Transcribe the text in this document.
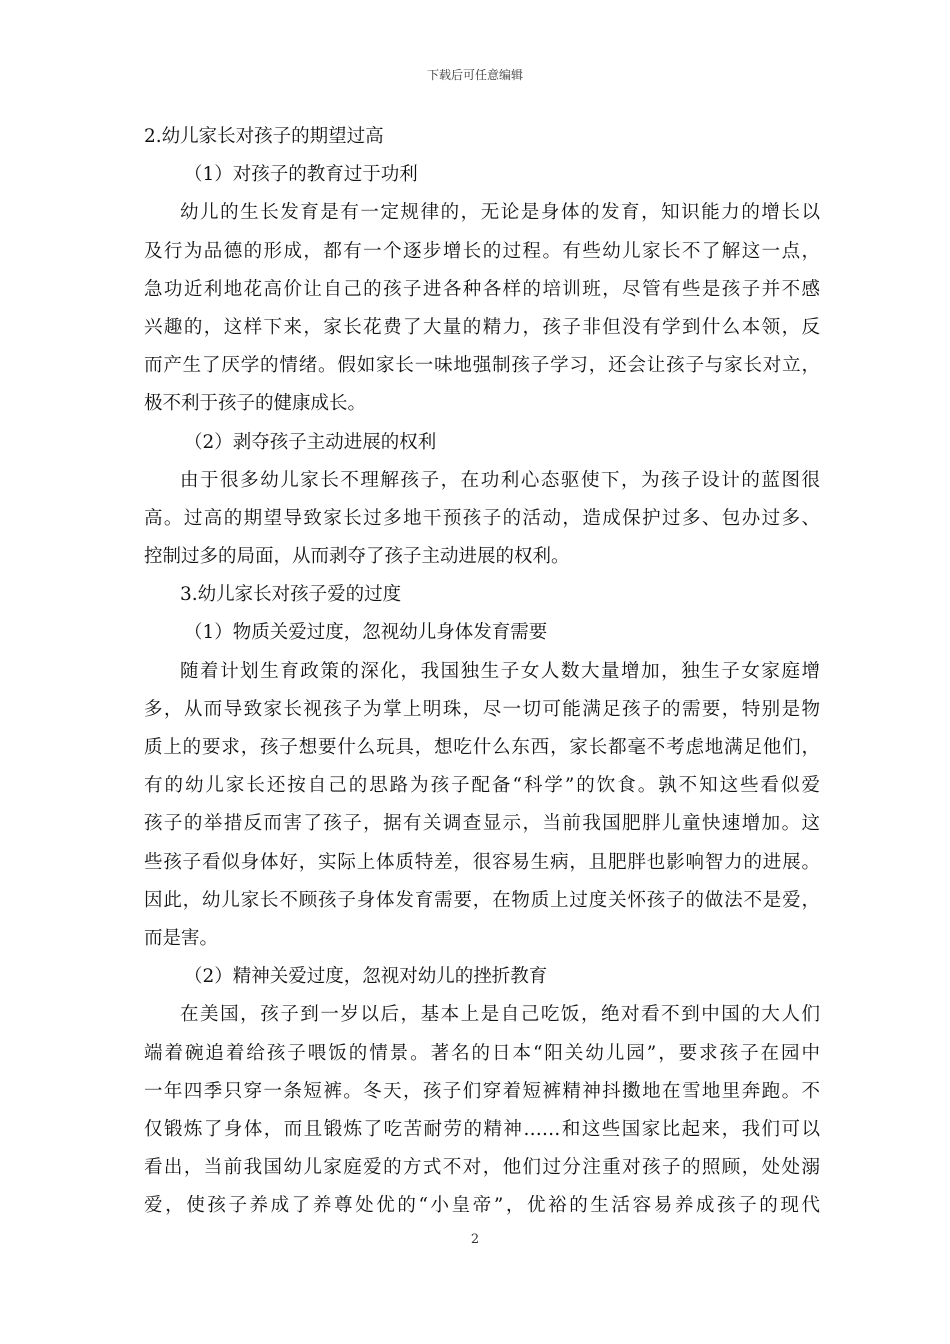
下载后可任意编辑

2.幼儿家长对孩子的期望过高

（1）对孩子的教育过于功利

幼儿的生长发育是有一定规律的，无论是身体的发育，知识能力的增长以

及行为品德的形成，都有一个逐步增长的过程。有些幼儿家长不了解这一点，

急功近利地花高价让自己的孩子进各种各样的培训班，尽管有些是孩子并不感

兴趣的，这样下来，家长花费了大量的精力，孩子非但没有学到什么本领，反

而产生了厌学的情绪。假如家长一味地强制孩子学习，还会让孩子与家长对立，

极不利于孩子的健康成长。

（2）剥夺孩子主动进展的权利

由于很多幼儿家长不理解孩子，在功利心态驱使下，为孩子设计的蓝图很

高。过高的期望导致家长过多地干预孩子的活动，造成保护过多、包办过多、

控制过多的局面，从而剥夺了孩子主动进展的权利。

3.幼儿家长对孩子爱的过度

（1）物质关爱过度，忽视幼儿身体发育需要

随着计划生育政策的深化，我国独生子女人数大量增加，独生子女家庭增

多，从而导致家长视孩子为掌上明珠，尽一切可能满足孩子的需要，特别是物

质上的要求，孩子想要什么玩具，想吃什么东西，家长都毫不考虑地满足他们，

有的幼儿家长还按自己的思路为孩子配备“科学”的饮食。孰不知这些看似爱

孩子的举措反而害了孩子，据有关调查显示，当前我国肥胖儿童快速增加。这

些孩子看似身体好，实际上体质特差，很容易生病，且肥胖也影响智力的进展。

因此，幼儿家长不顾孩子身体发育需要，在物质上过度关怀孩子的做法不是爱，

而是害。

（2）精神关爱过度，忽视对幼儿的挫折教育

在美国，孩子到一岁以后，基本上是自己吃饭，绝对看不到中国的大人们

端着碗追着给孩子喂饭的情景。著名的日本“阳关幼儿园”，要求孩子在园中

一年四季只穿一条短裤。冬天，孩子们穿着短裤精神抖擞地在雪地里奔跑。不

仅锻炼了身体，而且锻炼了吃苦耐劳的精神……和这些国家比起来，我们可以

看出，当前我国幼儿家庭爱的方式不对，他们过分注重对孩子的照顾，处处溺

爱，使孩子养成了养尊处优的“小皇帝”，优裕的生活容易养成孩子的现代

2
